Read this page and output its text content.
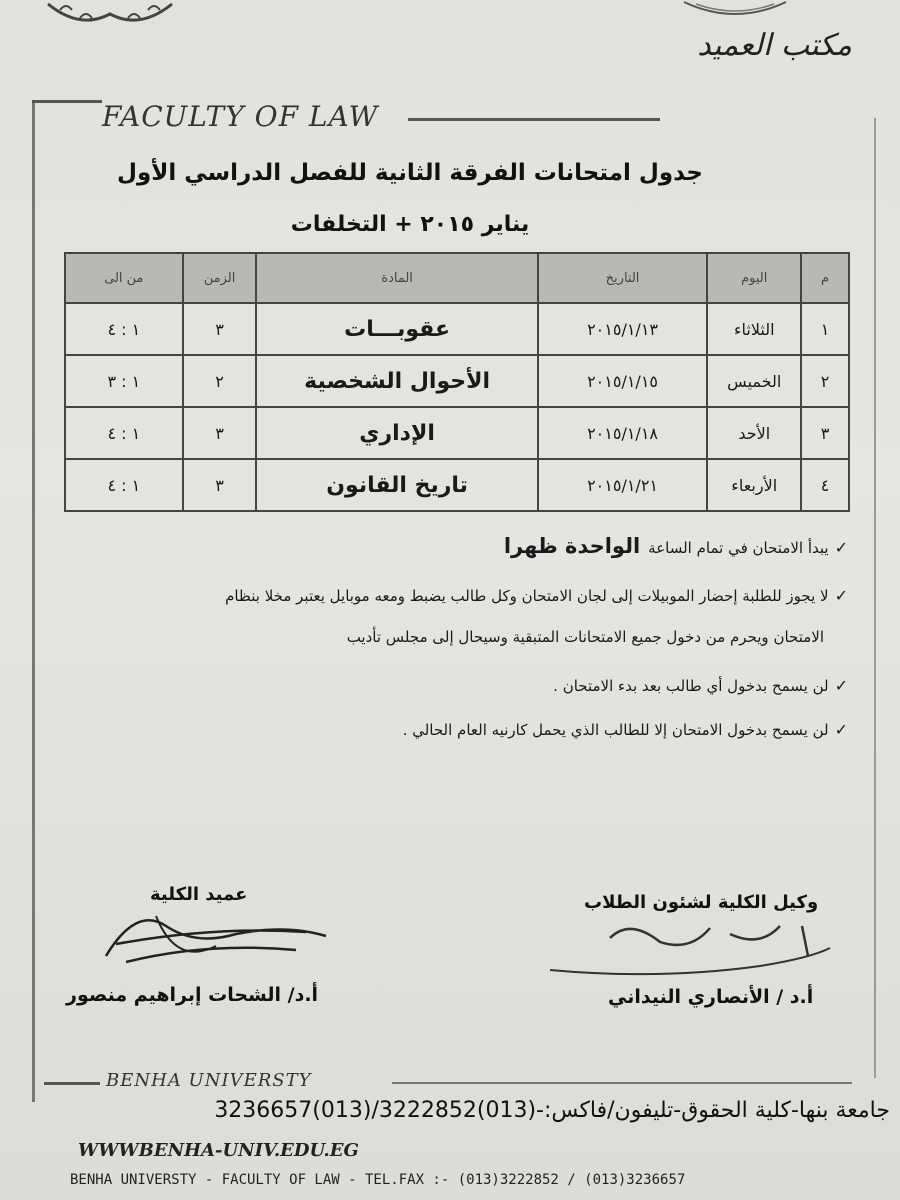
مكتب العميد
FACULTY OF LAW
جدول امتحانات الفرقة الثانية للفصل الدراسي الأول
يناير ٢٠١٥ + التخلفات
م	اليوم	التاريخ	المادة	الزمن	من الى
١	الثلاثاء	٢٠١٥/١/١٣	عقوبـــات	٣	١ : ٤
٢	الخميس	٢٠١٥/١/١٥	الأحوال الشخصية	٢	١ : ٣
٣	الأحد	٢٠١٥/١/١٨	الإداري	٣	١ : ٤
٤	الأربعاء	٢٠١٥/١/٢١	تاريخ القانون	٣	١ : ٤
✓يبدأ الامتحان في تمام الساعةالواحدة ظهرا
✓لا يجوز للطلبة إحضار الموبيلات إلى لجان الامتحان وكل طالب يضبط ومعه موبايل يعتبر مخلا بنظام
الامتحان ويحرم من دخول جميع الامتحانات المتبقية وسيحال إلى مجلس تأديب
✓لن يسمح بدخول أي طالب بعد بدء الامتحان .
✓لن يسمح بدخول الامتحان إلا للطالب الذي يحمل كارنيه العام الحالي .
عميد الكلية
أ.د/ الشحات إبراهيم منصور
وكيل الكلية لشئون الطلاب
أ.د / الأنصاري النيداني
BENHA UNIVERSTY
جامعة بنها-كلية الحقوق-تليفون/فاكس:-(013)3222852/(013)3236657
WWWBENHA-UNIV.EDU.EG
BENHA UNIVERSTY - FACULTY OF LAW - TEL.FAX :- (013)3222852 / (013)3236657
